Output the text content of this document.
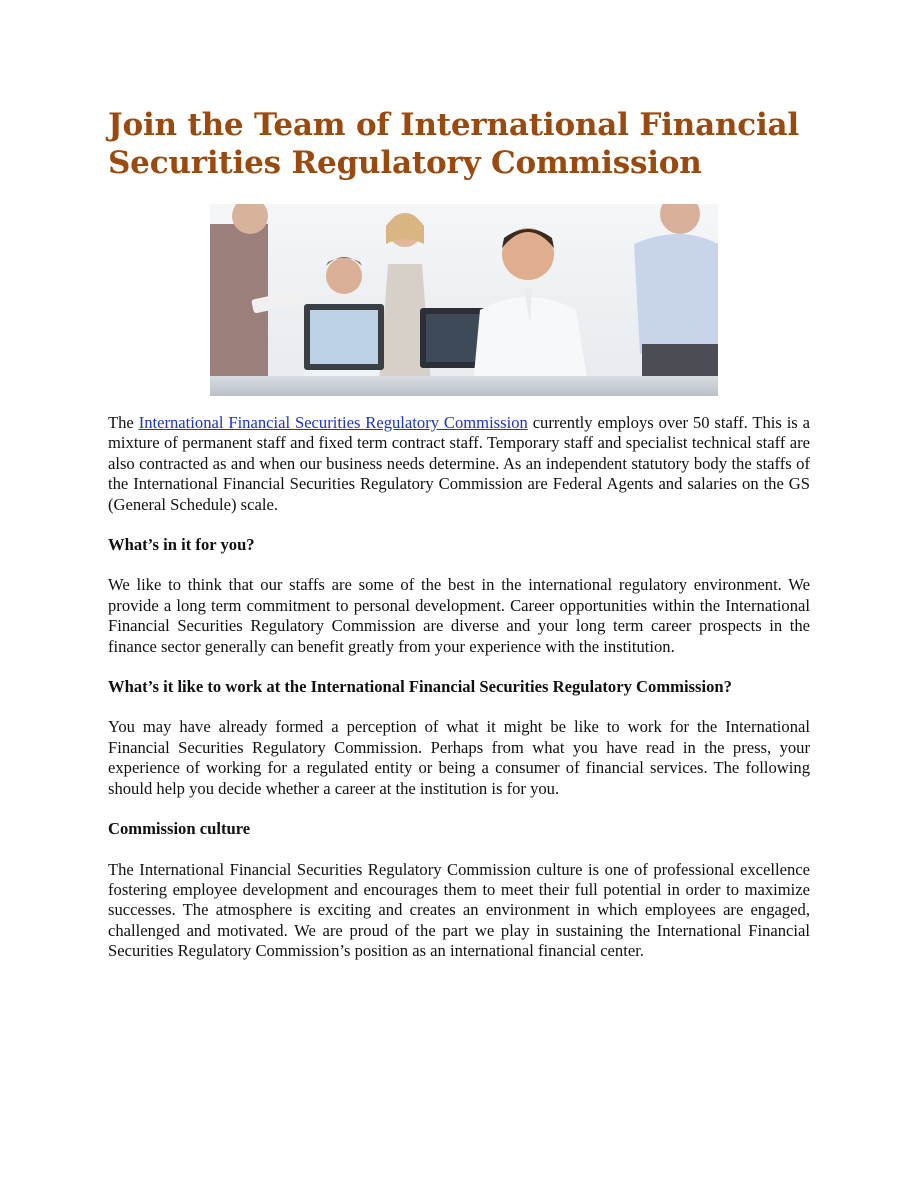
Join the Team of International Financial Securities Regulatory Commission

The International Financial Securities Regulatory Commission currently employs over 50 staff. This is a mixture of permanent staff and fixed term contract staff. Temporary staff and specialist technical staff are also contracted as and when our business needs determine. As an independent statutory body the staffs of the International Financial Securities Regulatory Commission are Federal Agents and salaries on the GS (General Schedule) scale.

What’s in it for you?

We like to think that our staffs are some of the best in the international regulatory environment. We provide a long term commitment to personal development. Career opportunities within the International Financial Securities Regulatory Commission are diverse and your long term career prospects in the finance sector generally can benefit greatly from your experience with the institution.

What’s it like to work at the International Financial Securities Regulatory Commission?

You may have already formed a perception of what it might be like to work for the International Financial Securities Regulatory Commission. Perhaps from what you have read in the press, your experience of working for a regulated entity or being a consumer of financial services. The following should help you decide whether a career at the institution is for you.

Commission culture

The International Financial Securities Regulatory Commission culture is one of professional excellence fostering employee development and encourages them to meet their full potential in order to maximize successes. The atmosphere is exciting and creates an environment in which employees are engaged, challenged and motivated. We are proud of the part we play in sustaining the International Financial Securities Regulatory Commission’s position as an international financial center.
